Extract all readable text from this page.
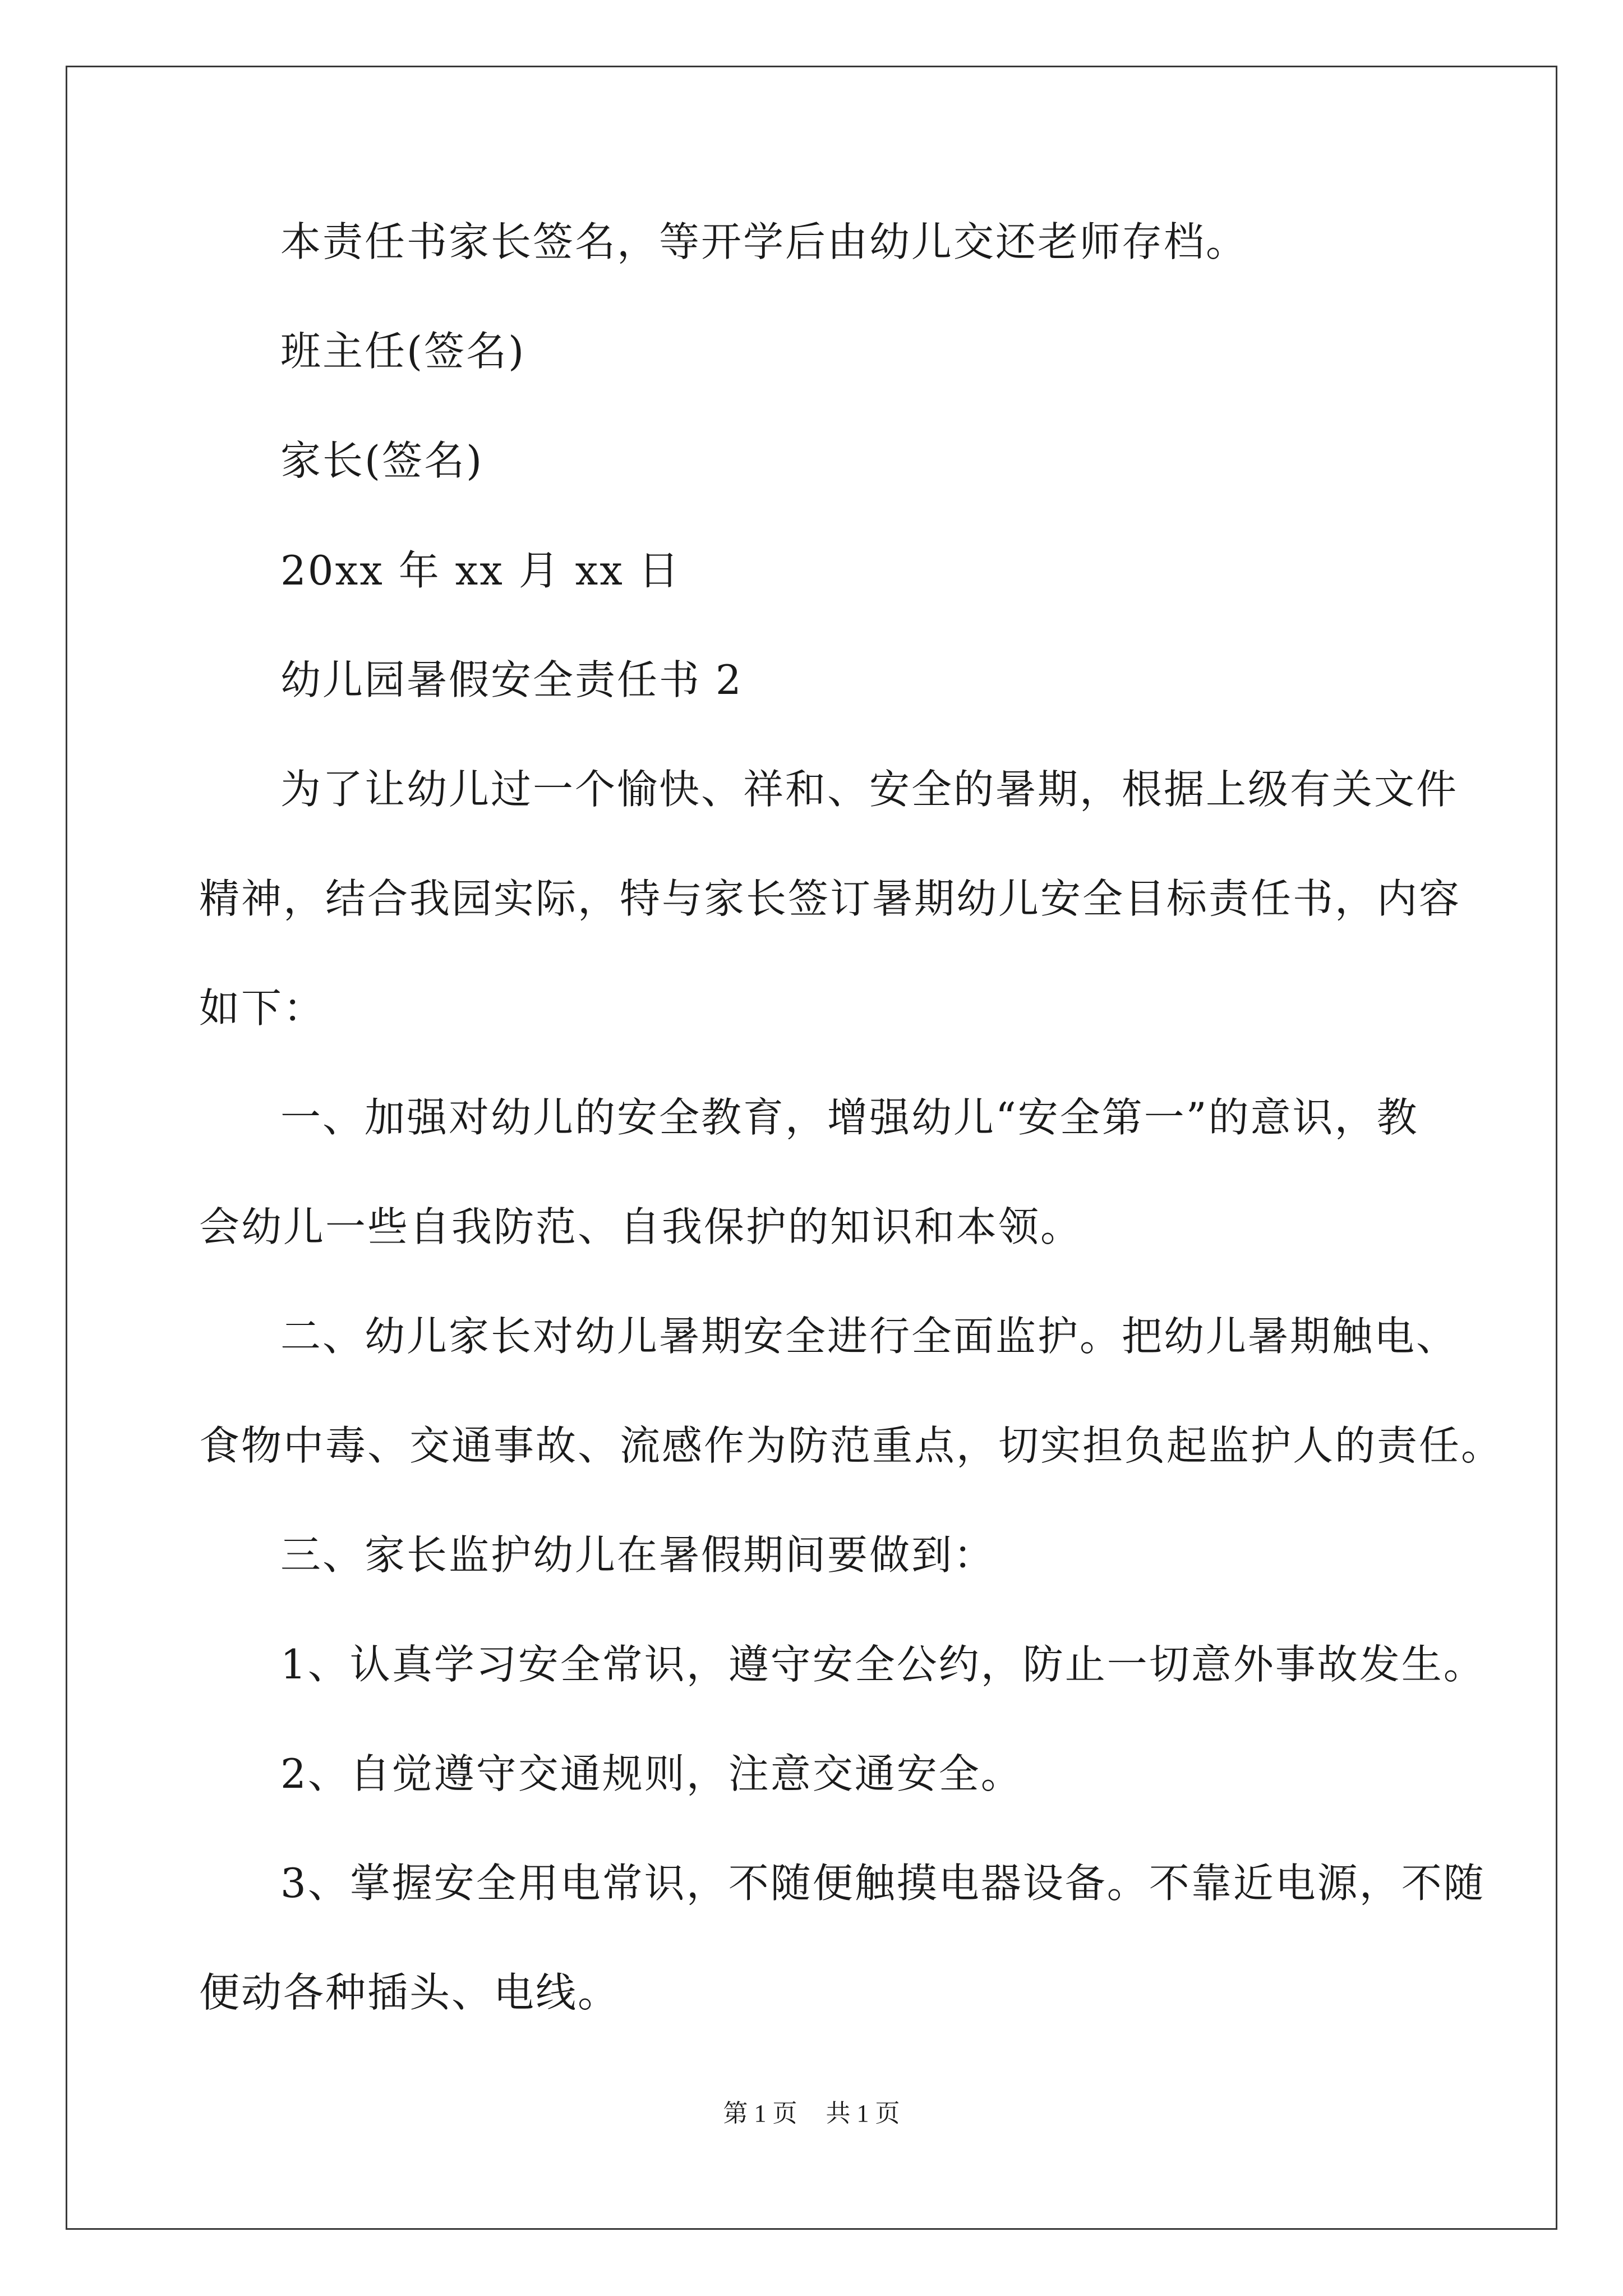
本责任书家长签名，等开学后由幼儿交还老师存档。

班主任(签名)

家长(签名)

20xx 年 xx 月 xx 日

幼儿园暑假安全责任书 2

为了让幼儿过一个愉快、祥和、安全的暑期，根据上级有关文件

精神，结合我园实际，特与家长签订暑期幼儿安全目标责任书，内容

如下：

一、加强对幼儿的安全教育，增强幼儿“安全第一”的意识，教

会幼儿一些自我防范、自我保护的知识和本领。

二、幼儿家长对幼儿暑期安全进行全面监护。把幼儿暑期触电、

食物中毒、交通事故、流感作为防范重点，切实担负起监护人的责任。

三、家长监护幼儿在暑假期间要做到：

1、认真学习安全常识，遵守安全公约，防止一切意外事故发生。

2、自觉遵守交通规则，注意交通安全。

3、掌握安全用电常识，不随便触摸电器设备。不靠近电源，不随

便动各种插头、电线。

第 1 页 共 1 页
